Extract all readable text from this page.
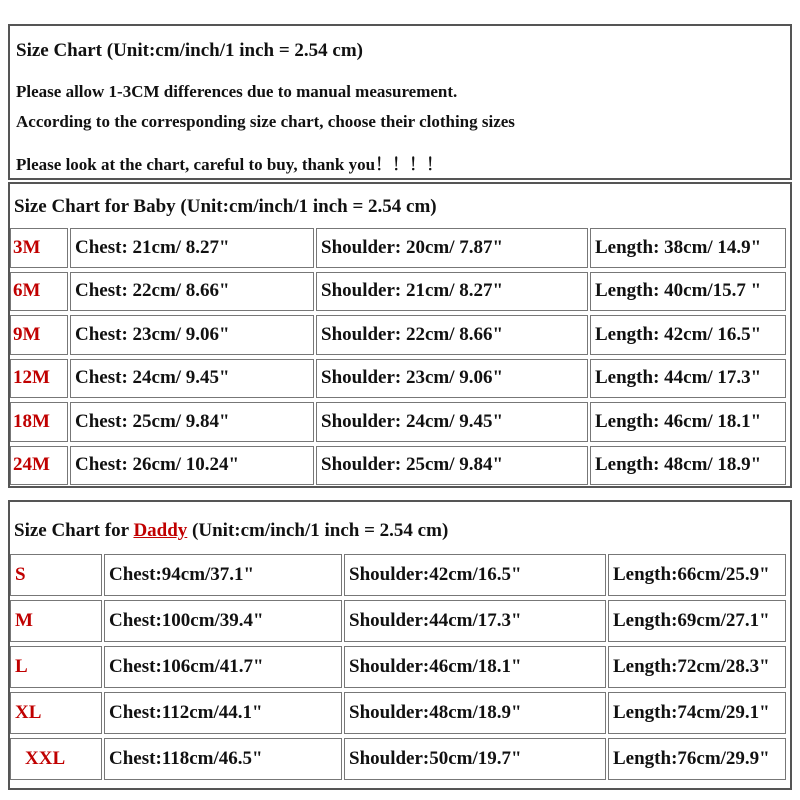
Size Chart (Unit:cm/inch/1 inch = 2.54 cm)
Please allow 1-3CM differences due to manual measurement.
According to the corresponding size chart, choose their clothing sizes
Please look at the chart, careful to buy, thank you！！！！
Size Chart for Baby (Unit:cm/inch/1 inch = 2.54 cm)
3M	Chest: 21cm/ 8.27"	Shoulder: 20cm/ 7.87"	Length: 38cm/ 14.9"
6M	Chest: 22cm/ 8.66"	Shoulder: 21cm/ 8.27"	Length: 40cm/15.7 "
9M	Chest: 23cm/ 9.06"	Shoulder: 22cm/ 8.66"	Length: 42cm/ 16.5"
12M	Chest: 24cm/ 9.45"	Shoulder: 23cm/ 9.06"	Length: 44cm/ 17.3"
18M	Chest: 25cm/ 9.84"	Shoulder: 24cm/ 9.45"	Length: 46cm/ 18.1"
24M	Chest: 26cm/ 10.24"	Shoulder: 25cm/ 9.84"	Length: 48cm/ 18.9"
Size Chart for Daddy (Unit:cm/inch/1 inch = 2.54 cm)
S	Chest:94cm/37.1"	Shoulder:42cm/16.5"	Length:66cm/25.9"
M	Chest:100cm/39.4"	Shoulder:44cm/17.3"	Length:69cm/27.1"
L	Chest:106cm/41.7"	Shoulder:46cm/18.1"	Length:72cm/28.3"
XL	Chest:112cm/44.1"	Shoulder:48cm/18.9"	Length:74cm/29.1"
XXL	Chest:118cm/46.5"	Shoulder:50cm/19.7"	Length:76cm/29.9"
